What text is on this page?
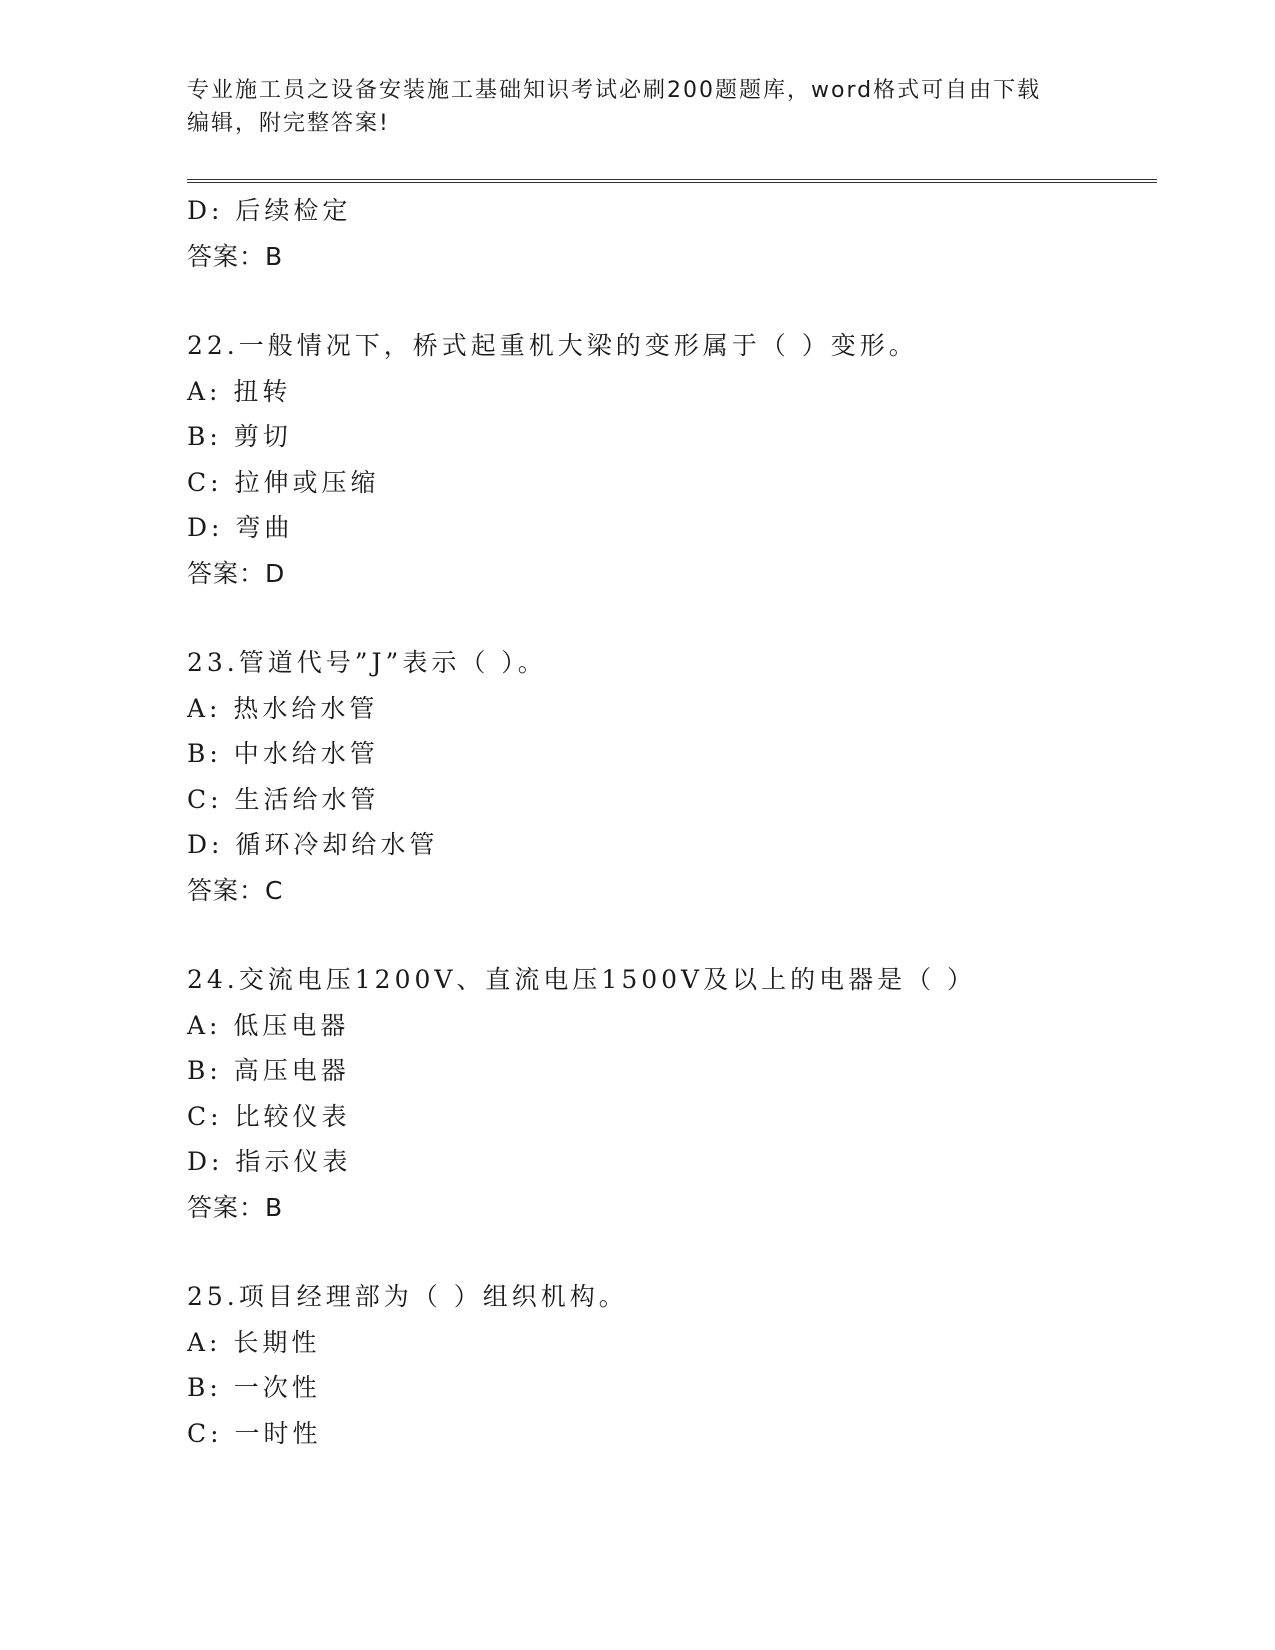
专业施工员之设备安装施工基础知识考试必刷200题题库，word格式可自由下载
编辑，附完整答案!
D: 后续检定
答案：B
22.一般情况下，桥式起重机大梁的变形属于（ ）变形。
A: 扭转
B: 剪切
C: 拉伸或压缩
D: 弯曲
答案：D
23.管道代号”J”表示（ ）。
A: 热水给水管
B: 中水给水管
C: 生活给水管
D: 循环冷却给水管
答案：C
24.交流电压1200V、直流电压1500V及以上的电器是（ ）
A: 低压电器
B: 高压电器
C: 比较仪表
D: 指示仪表
答案：B
25.项目经理部为（ ）组织机构。
A: 长期性
B: 一次性
C: 一时性
